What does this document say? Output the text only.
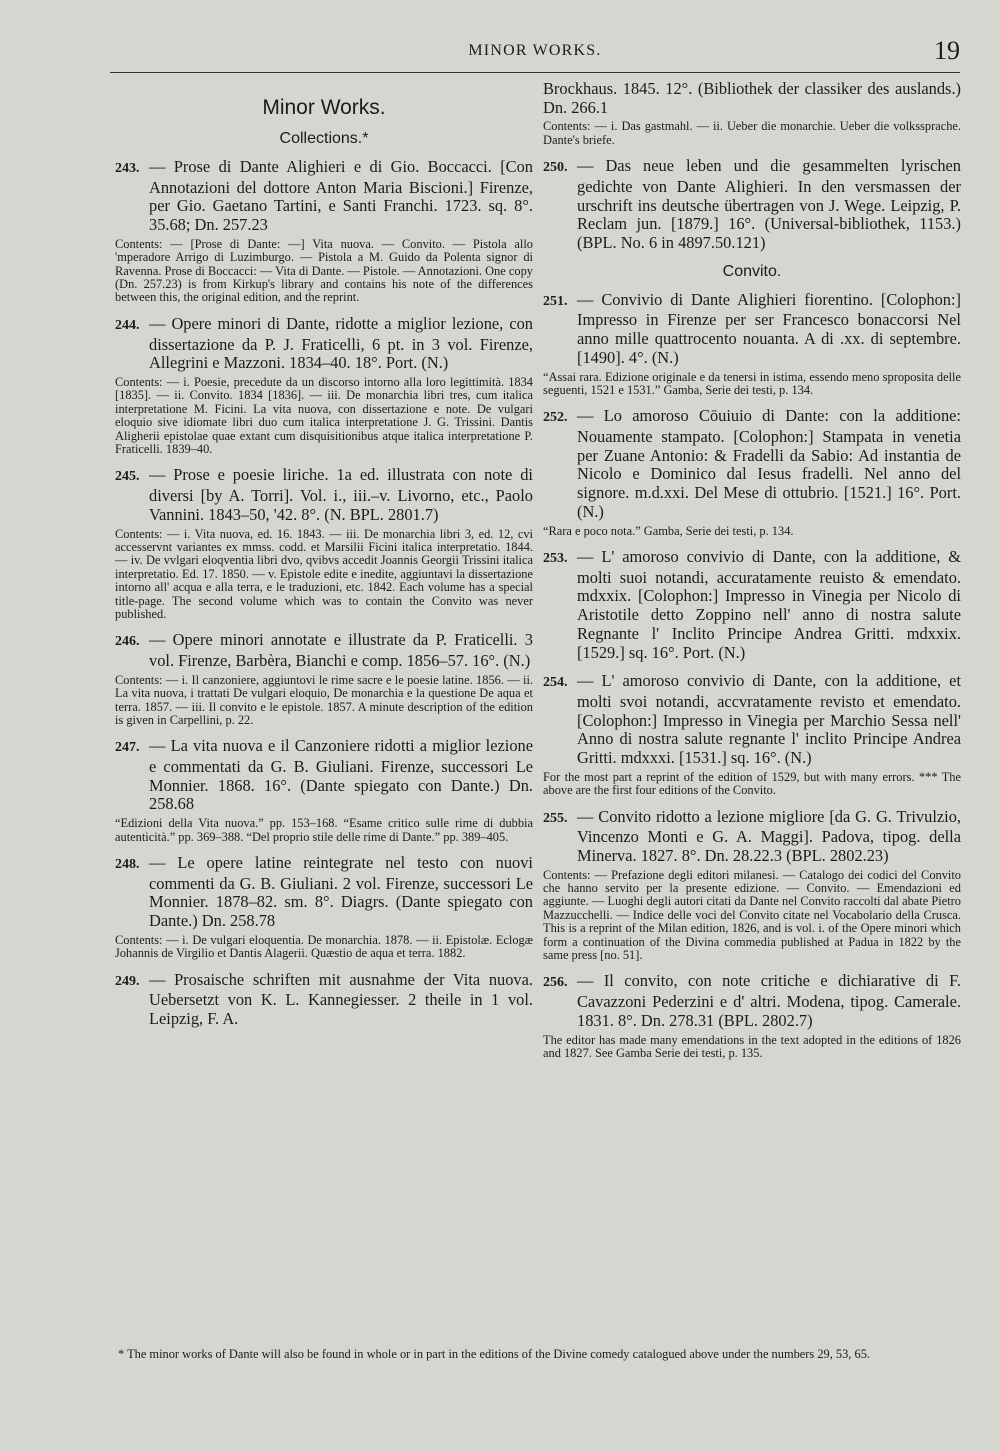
MINOR WORKS.	19
Minor Works.
Collections.*
243. — Prose di Dante Alighieri e di Gio. Boccacci. [Con Annotazioni del dottore Anton Maria Biscioni.] Firenze, per Gio. Gaetano Tartini, e Santi Franchi. 1723. sq. 8°. 35.68; Dn. 257.23
Contents: — [Prose di Dante: —] Vita nuova. — Convito. — Pistola allo 'mperadore Arrigo di Luzimburgo. — Pistola a M. Guido da Polenta signor di Ravenna. Prose di Boccacci: — Vita di Dante. — Pistole. — Annotazioni. One copy (Dn. 257.23) is from Kirkup's library and contains his note of the differences between this, the original edition, and the reprint.
244. — Opere minori di Dante, ridotte a miglior lezione, con dissertazione da P. J. Fraticelli, 6 pt. in 3 vol. Firenze, Allegrini e Mazzoni. 1834–40. 18°. Port. (N.)
Contents: — i. Poesie, precedute da un discorso intorno alla loro legittimità. 1834 [1835]. — ii. Convito. 1834 [1836]. — iii. De monarchia libri tres, cum italica interpretatione M. Ficini. La vita nuova, con dissertazione e note. De vulgari eloquio sive idiomate libri duo cum italica interpretatione J. G. Trissini. Dantis Aligherii epistolae quae extant cum disquisitionibus atque italica interpretatione P. Fraticelli. 1839–40.
245. — Prose e poesie liriche. 1a ed. illustrata con note di diversi [by A. Torri]. Vol. i., iii.–v. Livorno, etc., Paolo Vannini. 1843–50, '42. 8°. (N. BPL. 2801.7)
Contents: — i. Vita nuova, ed. 16. 1843. — iii. De monarchia libri 3, ed. 12, cvi accesservnt variantes ex mmss. codd. et Marsilii Ficini italica interpretatio. 1844. — iv. De vvlgari eloqventia libri dvo, qvibvs accedit Joannis Georgii Trissini italica interpretatio. Ed. 17. 1850. — v. Epistole edite e inedite, aggiuntavi la dissertazione intorno all' acqua e alla terra, e le traduzioni, etc. 1842. Each volume has a special title-page. The second volume which was to contain the Convito was never published.
246. — Opere minori annotate e illustrate da P. Fraticelli. 3 vol. Firenze, Barbèra, Bianchi e comp. 1856–57. 16°. (N.)
Contents: — i. Il canzoniere, aggiuntovi le rime sacre e le poesie latine. 1856. — ii. La vita nuova, i trattati De vulgari eloquio, De monarchia e la questione De aqua et terra. 1857. — iii. Il convito e le epistole. 1857. A minute description of the edition is given in Carpellini, p. 22.
247. — La vita nuova e il Canzoniere ridotti a miglior lezione e commentati da G. B. Giuliani. Firenze, successori Le Monnier. 1868. 16°. (Dante spiegato con Dante.) Dn. 258.68
“Edizioni della Vita nuova.” pp. 153–168. “Esame critico sulle rime di dubbia autenticità.” pp. 369–388. “Del proprio stile delle rime di Dante.” pp. 389–405.
248. — Le opere latine reintegrate nel testo con nuovi commenti da G. B. Giuliani. 2 vol. Firenze, successori Le Monnier. 1878–82. sm. 8°. Diagrs. (Dante spiegato con Dante.) Dn. 258.78
Contents: — i. De vulgari eloquentia. De monarchia. 1878. — ii. Epistolæ. Eclogæ Johannis de Virgilio et Dantis Alagerii. Quæstio de aqua et terra. 1882.
249. — Prosaische schriften mit ausnahme der Vita nuova. Uebersetzt von K. L. Kannegiesser. 2 theile in 1 vol. Leipzig, F. A.
Brockhaus. 1845. 12°. (Bibliothek der classiker des auslands.) Dn. 266.1
Contents: — i. Das gastmahl. — ii. Ueber die monarchie. Ueber die volkssprache. Dante's briefe.
250. — Das neue leben und die gesammelten lyrischen gedichte von Dante Alighieri. In den versmassen der urschrift ins deutsche übertragen von J. Wege. Leipzig, P. Reclam jun. [1879.] 16°. (Universal-bibliothek, 1153.) (BPL. No. 6 in 4897.50.121)
Convito.
251. — Convivio di Dante Alighieri fiorentino. [Colophon:] Impresso in Firenze per ser Francesco bonaccorsi Nel anno mille quattrocento nouanta. A di .xx. di septembre. [1490]. 4°. (N.)
“Assai rara. Edizione originale e da tenersi in istima, essendo meno sproposita delle seguenti, 1521 e 1531.” Gamba, Serie dei testi, p. 134.
252. — Lo amoroso Cōuiuio di Dante: con la additione: Nouamente stampato. [Colophon:] Stampata in venetia per Zuane Antonio: & Fradelli da Sabio: Ad instantia de Nicolo e Dominico dal Iesus fradelli. Nel anno del signore. m.d.xxi. Del Mese di ottubrio. [1521.] 16°. Port. (N.)
“Rara e poco nota.” Gamba, Serie dei testi, p. 134.
253. — L' amoroso convivio di Dante, con la additione, & molti suoi notandi, accuratamente reuisto & emendato. mdxxix. [Colophon:] Impresso in Vinegia per Nicolo di Aristotile detto Zoppino nell' anno di nostra salute Regnante l' Inclito Principe Andrea Gritti. mdxxix. [1529.] sq. 16°. Port. (N.)
254. — L' amoroso convivio di Dante, con la additione, et molti svoi notandi, accvratamente revisto et emendato. [Colophon:] Impresso in Vinegia per Marchio Sessa nell' Anno di nostra salute regnante l' inclito Principe Andrea Gritti. mdxxxi. [1531.] sq. 16°. (N.)
For the most part a reprint of the edition of 1529, but with many errors. *** The above are the first four editions of the Convito.
255. — Convito ridotto a lezione migliore [da G. G. Trivulzio, Vincenzo Monti e G. A. Maggi]. Padova, tipog. della Minerva. 1827. 8°. Dn. 28.22.3 (BPL. 2802.23)
Contents: — Prefazione degli editori milanesi. — Catalogo dei codici del Convito che hanno servito per la presente edizione. — Convito. — Emendazioni ed aggiunte. — Luoghi degli autori citati da Dante nel Convito raccolti dal abate Pietro Mazzucchelli. — Indice delle voci del Convito citate nel Vocabolario della Crusca. This is a reprint of the Milan edition, 1826, and is vol. i. of the Opere minori which form a continuation of the Divina commedia published at Padua in 1822 by the same press [no. 51].
256. — Il convito, con note critiche e dichiarative di F. Cavazzoni Pederzini e d' altri. Modena, tipog. Camerale. 1831. 8°. Dn. 278.31 (BPL. 2802.7)
The editor has made many emendations in the text adopted in the editions of 1826 and 1827. See Gamba Serie dei testi, p. 135.
* The minor works of Dante will also be found in whole or in part in the editions of the Divine comedy catalogued above under the numbers 29, 53, 65.
